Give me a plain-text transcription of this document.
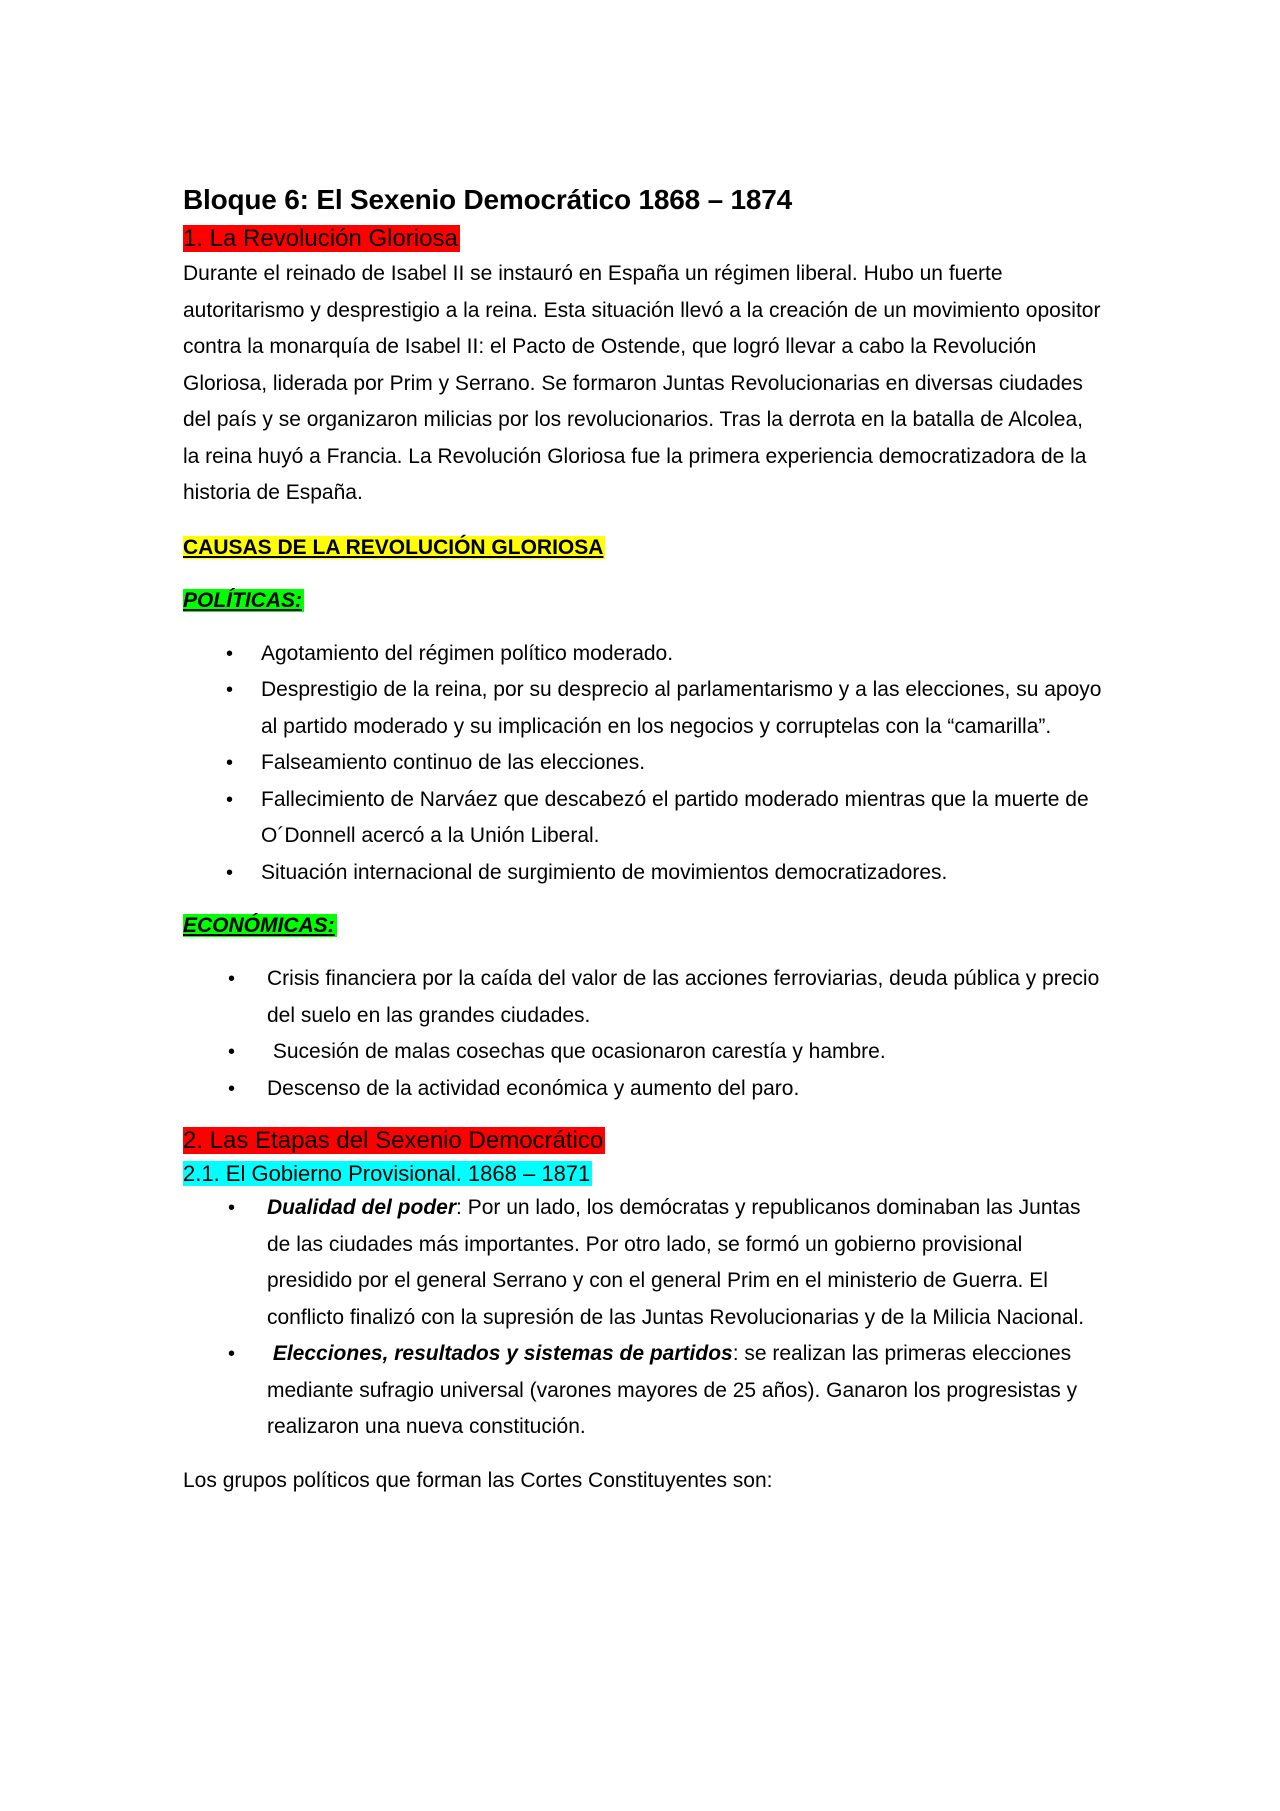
Bloque 6: El Sexenio Democrático 1868 – 1874
1. La Revolución Gloriosa

Durante el reinado de Isabel II se instauró en España un régimen liberal. Hubo un fuerte autoritarismo y desprestigio a la reina. Esta situación llevó a la creación de un movimiento opositor contra la monarquía de Isabel II: el Pacto de Ostende, que logró llevar a cabo la Revolución Gloriosa, liderada por Prim y Serrano. Se formaron Juntas Revolucionarias en diversas ciudades del país y se organizaron milicias por los revolucionarios. Tras la derrota en la batalla de Alcolea, la reina huyó a Francia. La Revolución Gloriosa fue la primera experiencia democratizadora de la historia de España.

CAUSAS DE LA REVOLUCIÓN GLORIOSA

POLÍTICAS:

• Agotamiento del régimen político moderado.
• Desprestigio de la reina, por su desprecio al parlamentarismo y a las elecciones, su apoyo al partido moderado y su implicación en los negocios y corruptelas con la “camarilla”.
• Falseamiento continuo de las elecciones.
• Fallecimiento de Narváez que descabezó el partido moderado mientras que la muerte de O´Donnell acercó a la Unión Liberal.
• Situación internacional de surgimiento de movimientos democratizadores.

ECONÓMICAS:

• Crisis financiera por la caída del valor de las acciones ferroviarias, deuda pública y precio del suelo en las grandes ciudades.
• Sucesión de malas cosechas que ocasionaron carestía y hambre.
• Descenso de la actividad económica y aumento del paro.
2. Las Etapas del Sexenio Democrático
2.1. El Gobierno Provisional. 1868 – 1871
• Dualidad del poder: Por un lado, los demócratas y republicanos dominaban las Juntas de las ciudades más importantes. Por otro lado, se formó un gobierno provisional presidido por el general Serrano y con el general Prim en el ministerio de Guerra. El conflicto finalizó con la supresión de las Juntas Revolucionarias y de la Milicia Nacional.
• Elecciones, resultados y sistemas de partidos: se realizan las primeras elecciones mediante sufragio universal (varones mayores de 25 años). Ganaron los progresistas y realizaron una nueva constitución.

Los grupos políticos que forman las Cortes Constituyentes son:
